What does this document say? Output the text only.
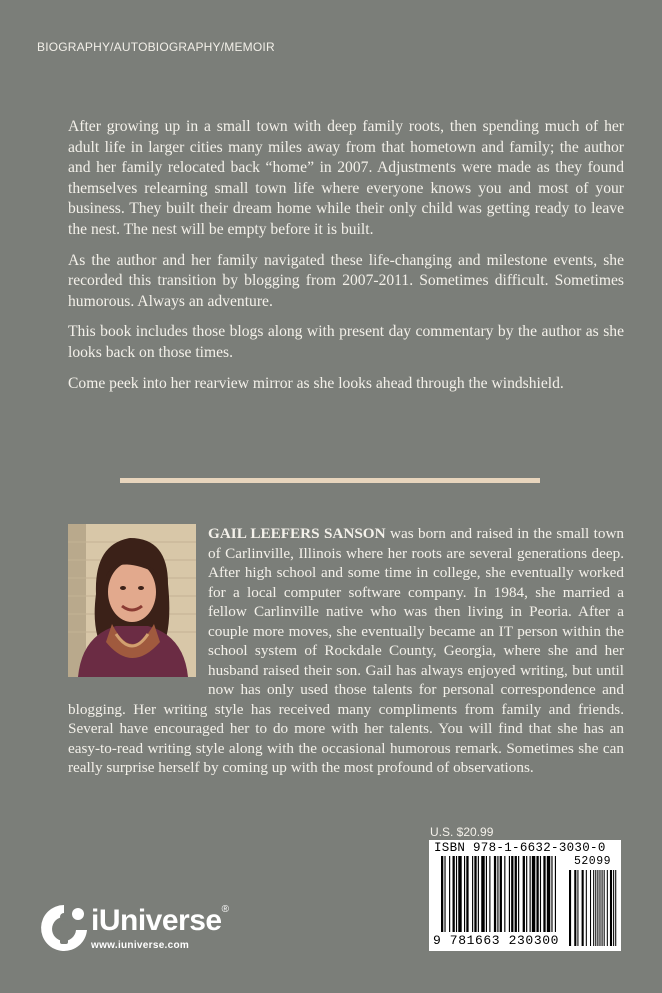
BIOGRAPHY/AUTOBIOGRAPHY/MEMOIR

After growing up in a small town with deep family roots, then spending much of her adult life in larger cities many miles away from that hometown and family; the author and her family relocated back “home” in 2007. Adjustments were made as they found themselves relearning small town life where everyone knows you and most of your business. They built their dream home while their only child was getting ready to leave the nest. The nest will be empty before it is built.

As the author and her family navigated these life-changing and milestone events, she recorded this transition by blogging from 2007-2011. Sometimes difficult. Sometimes humorous. Always an adventure.

This book includes those blogs along with present day commentary by the author as she looks back on those times.

Come peek into her rearview mirror as she looks ahead through the windshield.

GAIL LEEFERS SANSON was born and raised in the small town of Carlinville, Illinois where her roots are several generations deep. After high school and some time in college, she eventually worked for a local computer software company. In 1984, she married a fellow Carlinville native who was then living in Peoria. After a couple more moves, she eventually became an IT person within the school system of Rockdale County, Georgia, where she and her husband raised their son. Gail has always enjoyed writing, but until now has only used those talents for personal correspondence and blogging. Her writing style has received many compliments from family and friends. Several have encouraged her to do more with her talents. You will find that she has an easy-to-read writing style along with the occasional humorous remark. Sometimes she can really surprise herself by coming up with the most profound of observations.
U.S. $20.99
ISBN 978-1-6632-3030-0
52099
9 781663 230300
iUniverse®
www.iuniverse.com
